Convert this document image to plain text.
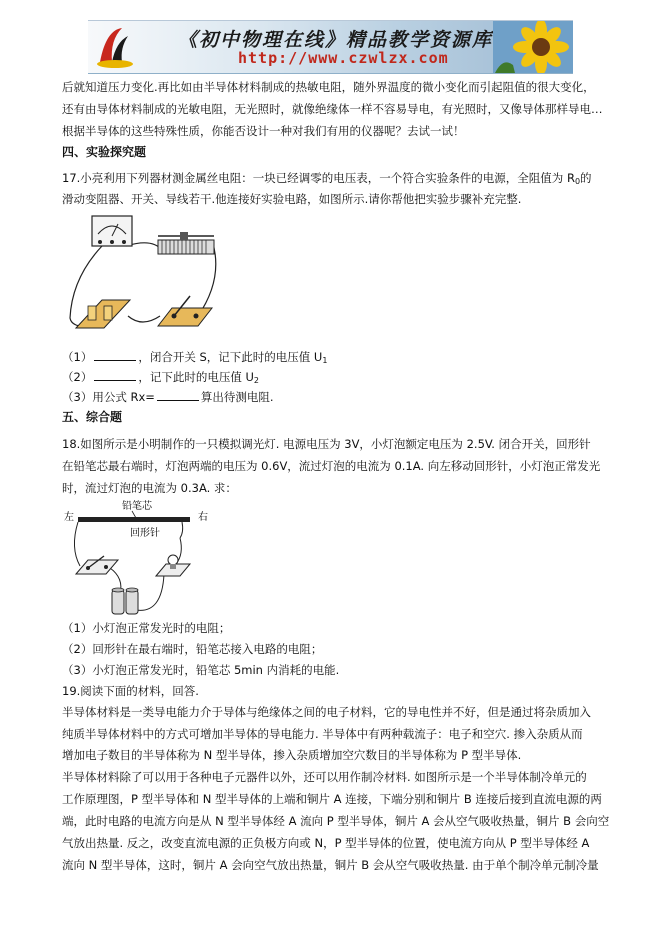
《初中物理在线》精品教学资源库
http://www.czwlzx.com
后就知道压力变化.再比如由半导体材料制成的热敏电阻，随外界温度的微小变化而引起阻值的很大变化，
还有由导体材料制成的光敏电阻，无光照时，就像绝缘体一样不容易导电，有光照时，又像导体那样导电…
根据半导体的这些特殊性质，你能否设计一种对我们有用的仪器呢？去试一试！
四、实验探究题
17.小亮利用下列器材测金属丝电阻：一块已经调零的电压表，一个符合实验条件的电源，全阻值为 $R_0$的
滑动变阻器、开关、导线若干.他连接好实验电路，如图所示.请你帮他把实验步骤补充完整.
（1）	，闭合开关 S，记下此时的电压值 $U_1$
（2）	，记下此时的电压值 $U_2$
（3）用公式 Rx=	算出待测电阻.
五、综合题
18.如图所示是小明制作的一只模拟调光灯. 电源电压为 3V，小灯泡额定电压为 2.5V. 闭合开关，回形针
在铅笔芯最右端时，灯泡两端的电压为 0.6V，流过灯泡的电流为 0.1A. 向左移动回形针，小灯泡正常发光
时，流过灯泡的电流为 0.3A. 求：
铅笔芯
左	右
回形针
（1）小灯泡正常发光时的电阻；
（2）回形针在最右端时，铅笔芯接入电路的电阻；
（3）小灯泡正常发光时，铅笔芯 5min 内消耗的电能.
19.阅读下面的材料，回答.
半导体材料是一类导电能力介于导体与绝缘体之间的电子材料，它的导电性并不好，但是通过将杂质加入
纯质半导体材料中的方式可增加半导体的导电能力. 半导体中有两种载流子：电子和空穴. 掺入杂质从而
增加电子数目的半导体称为 N 型半导体，掺入杂质增加空穴数目的半导体称为 P 型半导体.
半导体材料除了可以用于各种电子元器件以外，还可以用作制冷材料. 如图所示是一个半导体制冷单元的
工作原理图，P 型半导体和 N 型半导体的上端和铜片 A 连接，下端分别和铜片 B 连接后接到直流电源的两
端，此时电路的电流方向是从 N 型半导体经 A 流向 P 型半导体，铜片 A 会从空气吸收热量，铜片 B 会向空
气放出热量. 反之，改变直流电源的正负极方向或 N，P 型半导体的位置，使电流方向从 P 型半导体经 A
流向 N 型半导体，这时，铜片 A 会向空气放出热量，铜片 B 会从空气吸收热量. 由于单个制冷单元制冷量
